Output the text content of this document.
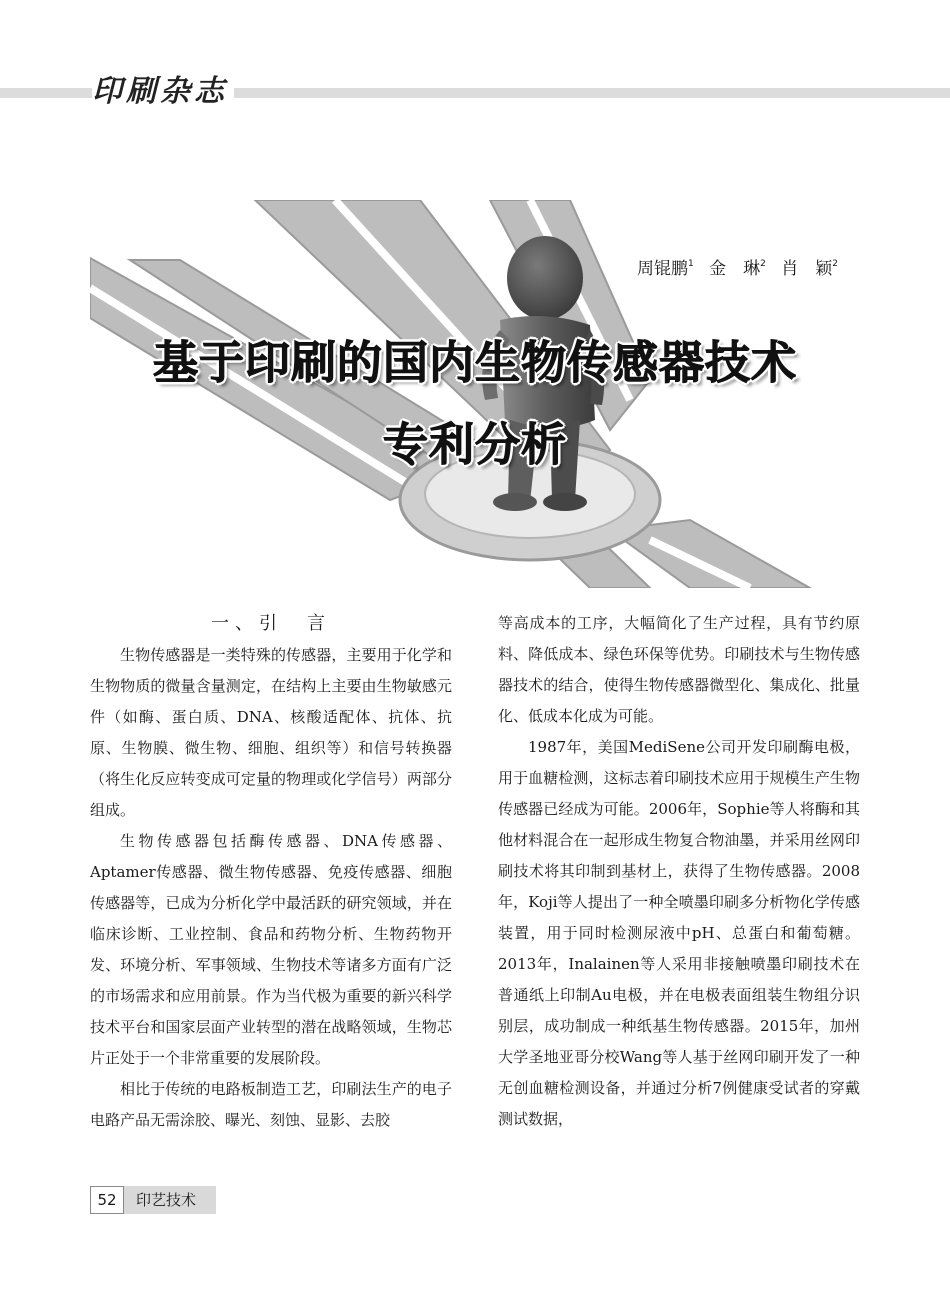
印刷杂志
周锟鹏$^1$ 金　琳$^2$ 肖　颖$^2$
基于印刷的国内生物传感器技术
专利分析
一、引　言

生物传感器是一类特殊的传感器，主要用于化学和生物物质的微量含量测定，在结构上主要由生物敏感元件（如酶、蛋白质、DNA、核酸适配体、抗体、抗原、生物膜、微生物、细胞、组织等）和信号转换器（将生化反应转变成可定量的物理或化学信号）两部分组成。

生物传感器包括酶传感器、DNA传感器、Aptamer传感器、微生物传感器、免疫传感器、细胞传感器等，已成为分析化学中最活跃的研究领域，并在临床诊断、工业控制、食品和药物分析、生物药物开发、环境分析、军事领域、生物技术等诸多方面有广泛的市场需求和应用前景。作为当代极为重要的新兴科学技术平台和国家层面产业转型的潜在战略领域，生物芯片正处于一个非常重要的发展阶段。

相比于传统的电路板制造工艺，印刷法生产的电子电路产品无需涂胶、曝光、刻蚀、显影、去胶

等高成本的工序，大幅简化了生产过程，具有节约原料、降低成本、绿色环保等优势。印刷技术与生物传感器技术的结合，使得生物传感器微型化、集成化、批量化、低成本化成为可能。

1987年，美国MediSene公司开发印刷酶电极，用于血糖检测，这标志着印刷技术应用于规模生产生物传感器已经成为可能。2006年，Sophie等人将酶和其他材料混合在一起形成生物复合物油墨，并采用丝网印刷技术将其印制到基材上，获得了生物传感器。2008年，Koji等人提出了一种全喷墨印刷多分析物化学传感装置，用于同时检测尿液中pH、总蛋白和葡萄糖。2013年，Inalainen等人采用非接触喷墨印刷技术在普通纸上印制Au电极，并在电极表面组装生物组分识别层，成功制成一种纸基生物传感器。2015年，加州大学圣地亚哥分校Wang等人基于丝网印刷开发了一种无创血糖检测设备，并通过分析7例健康受试者的穿戴测试数据，

52	印艺技术
